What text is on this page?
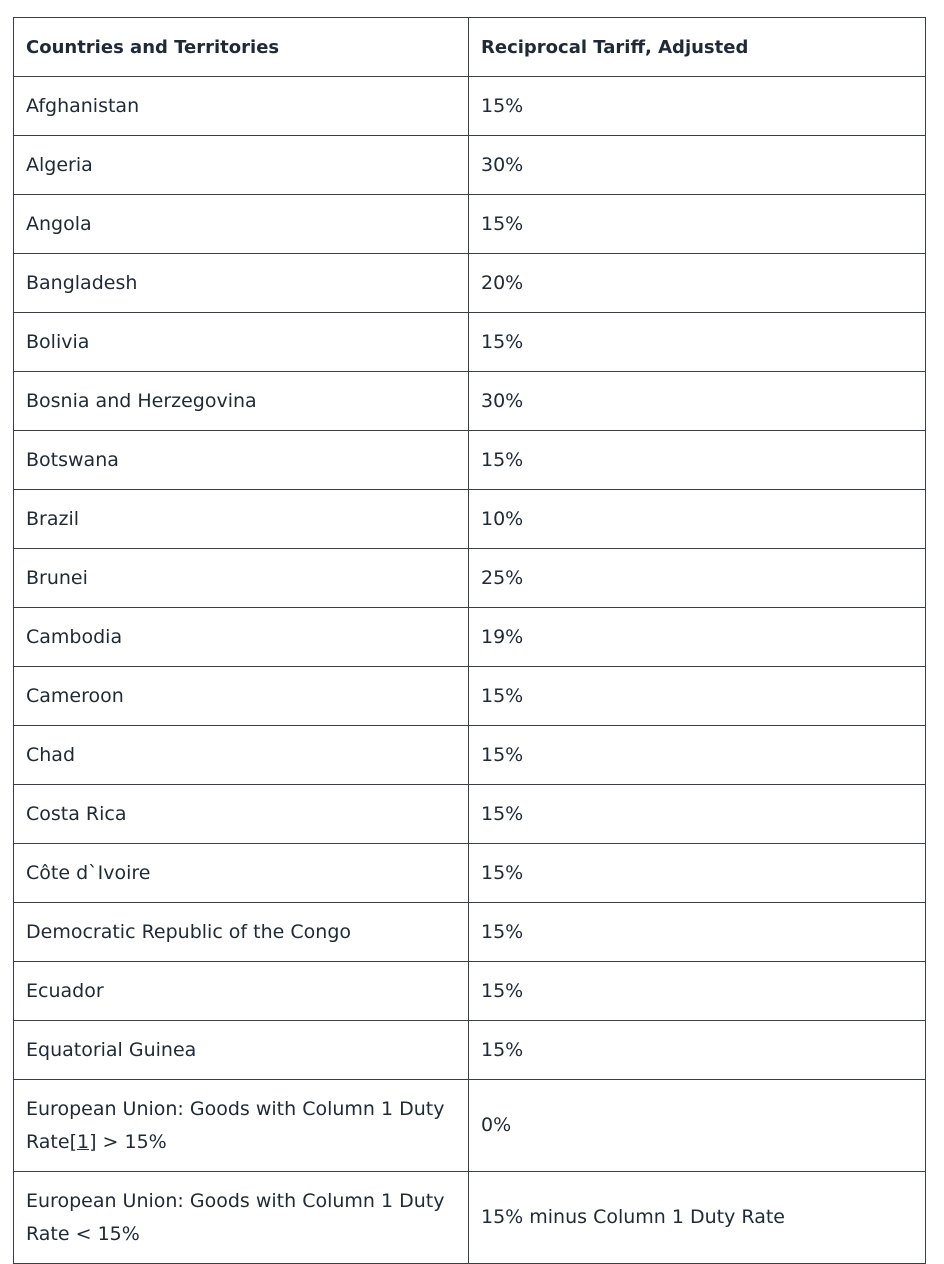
Countries and Territories	Reciprocal Tariff, Adjusted
Afghanistan	15%
Algeria	30%
Angola	15%
Bangladesh	20%
Bolivia	15%
Bosnia and Herzegovina	30%
Botswana	15%
Brazil	10%
Brunei	25%
Cambodia	19%
Cameroon	15%
Chad	15%
Costa Rica	15%
Côte d`Ivoire	15%
Democratic Republic of the Congo	15%
Ecuador	15%
Equatorial Guinea	15%
European Union: Goods with Column 1 Duty Rate[1] > 15%	0%
European Union: Goods with Column 1 Duty Rate < 15%	15% minus Column 1 Duty Rate
